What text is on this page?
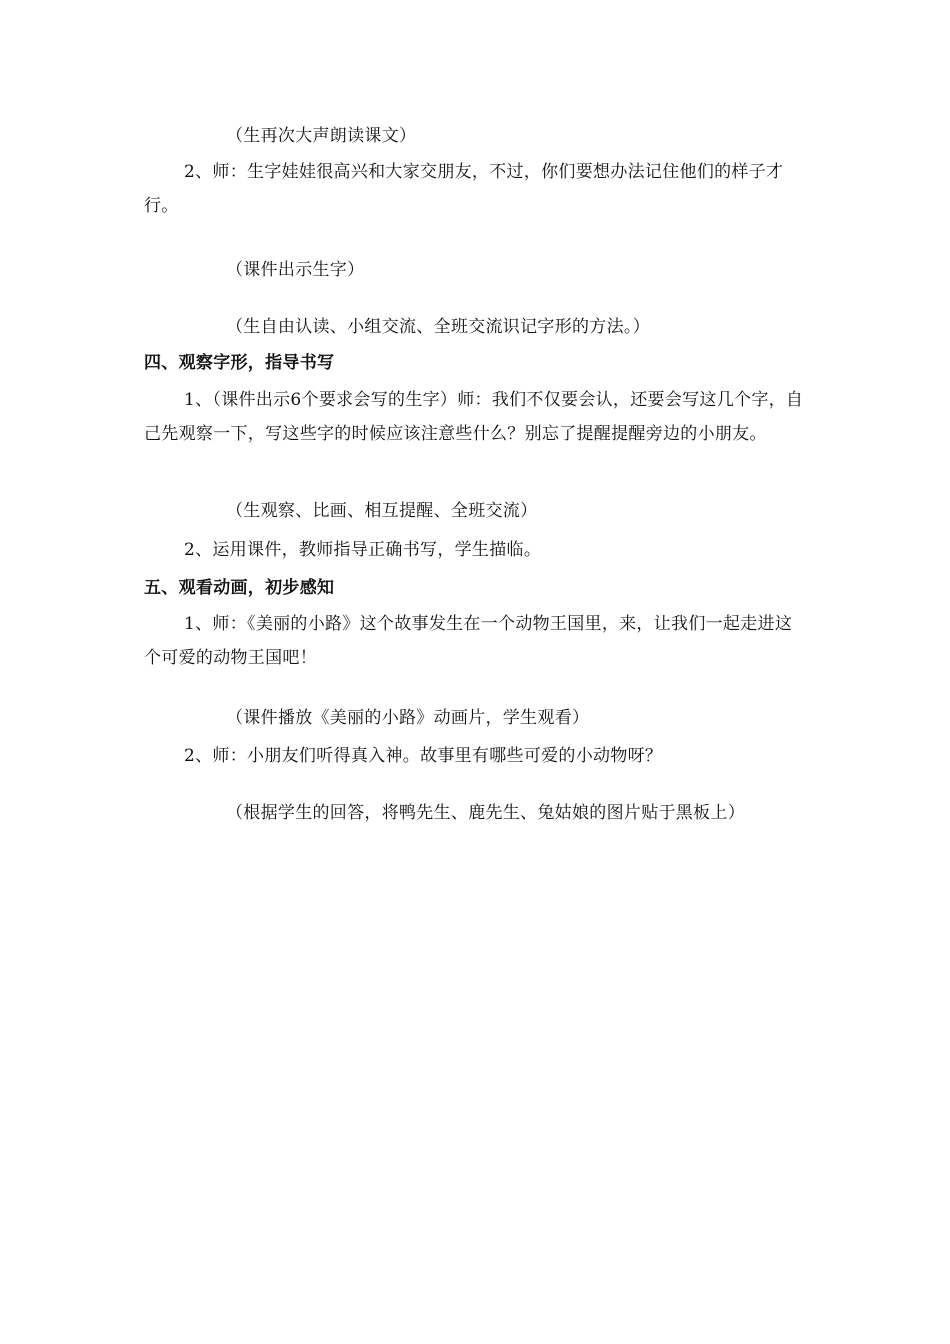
（生再次大声朗读课文）
2、师：生字娃娃很高兴和大家交朋友，不过，你们要想办法记住他们的样子才行。
（课件出示生字）
（生自由认读、小组交流、全班交流识记字形的方法。）
四、观察字形，指导书写
1、（课件出示6个要求会写的生字）师：我们不仅要会认，还要会写这几个字，自己先观察一下，写这些字的时候应该注意些什么？别忘了提醒提醒旁边的小朋友。
（生观察、比画、相互提醒、全班交流）
2、运用课件，教师指导正确书写，学生描临。
五、观看动画，初步感知
1、师：《美丽的小路》这个故事发生在一个动物王国里，来，让我们一起走进这个可爱的动物王国吧！
（课件播放《美丽的小路》动画片，学生观看）
2、师：小朋友们听得真入神。故事里有哪些可爱的小动物呀？
（根据学生的回答，将鸭先生、鹿先生、兔姑娘的图片贴于黑板上）
